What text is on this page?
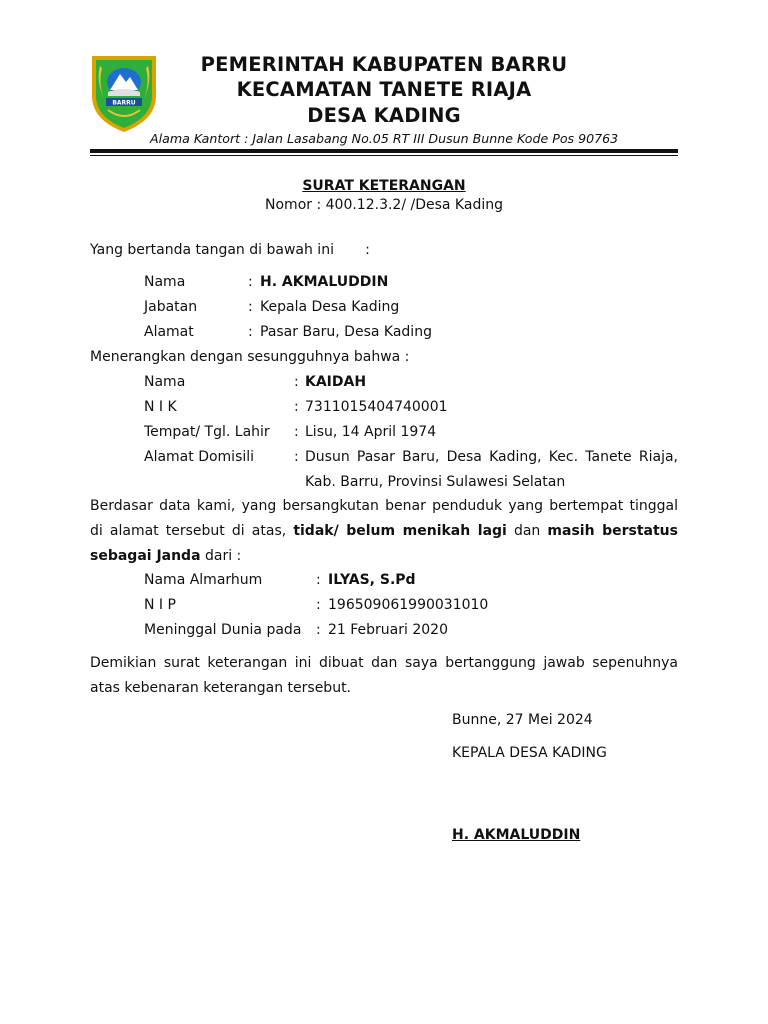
BARRU
PEMERINTAH KABUPATEN BARRU
KECAMATAN TANETE RIAJA
DESA KADING
Alama Kantort : Jalan Lasabang No.05 RT III Dusun Bunne Kode Pos 90763
SURAT KETERANGAN
Nomor : 400.12.3.2/ /Desa Kading
Yang bertanda tangan di bawah ini       :
Nama	: H. AKMALUDDIN
Jabatan	: Kepala Desa Kading
Alamat	: Pasar Baru, Desa Kading
Menerangkan dengan sesungguhnya bahwa :
Nama	: KAIDAH
N I K	: 7311015404740001
Tempat/ Tgl. Lahir : Lisu, 14 April 1974
Alamat Domisili	: Dusun Pasar Baru, Desa Kading, Kec. Tanete Riaja,
Kab. Barru, Provinsi Sulawesi Selatan
Berdasar data kami, yang bersangkutan benar penduduk yang bertempat tinggal di alamat tersebut di atas, tidak/ belum menikah lagi dan masih berstatus sebagai Janda dari :
Nama Almarhum	: ILYAS, S.Pd
N I P	: 196509061990031010
Meninggal Dunia pada : 21 Februari 2020
Demikian surat keterangan ini dibuat dan saya bertanggung jawab sepenuhnya atas kebenaran keterangan tersebut.
Bunne, 27 Mei 2024
KEPALA DESA KADING
H. AKMALUDDIN
